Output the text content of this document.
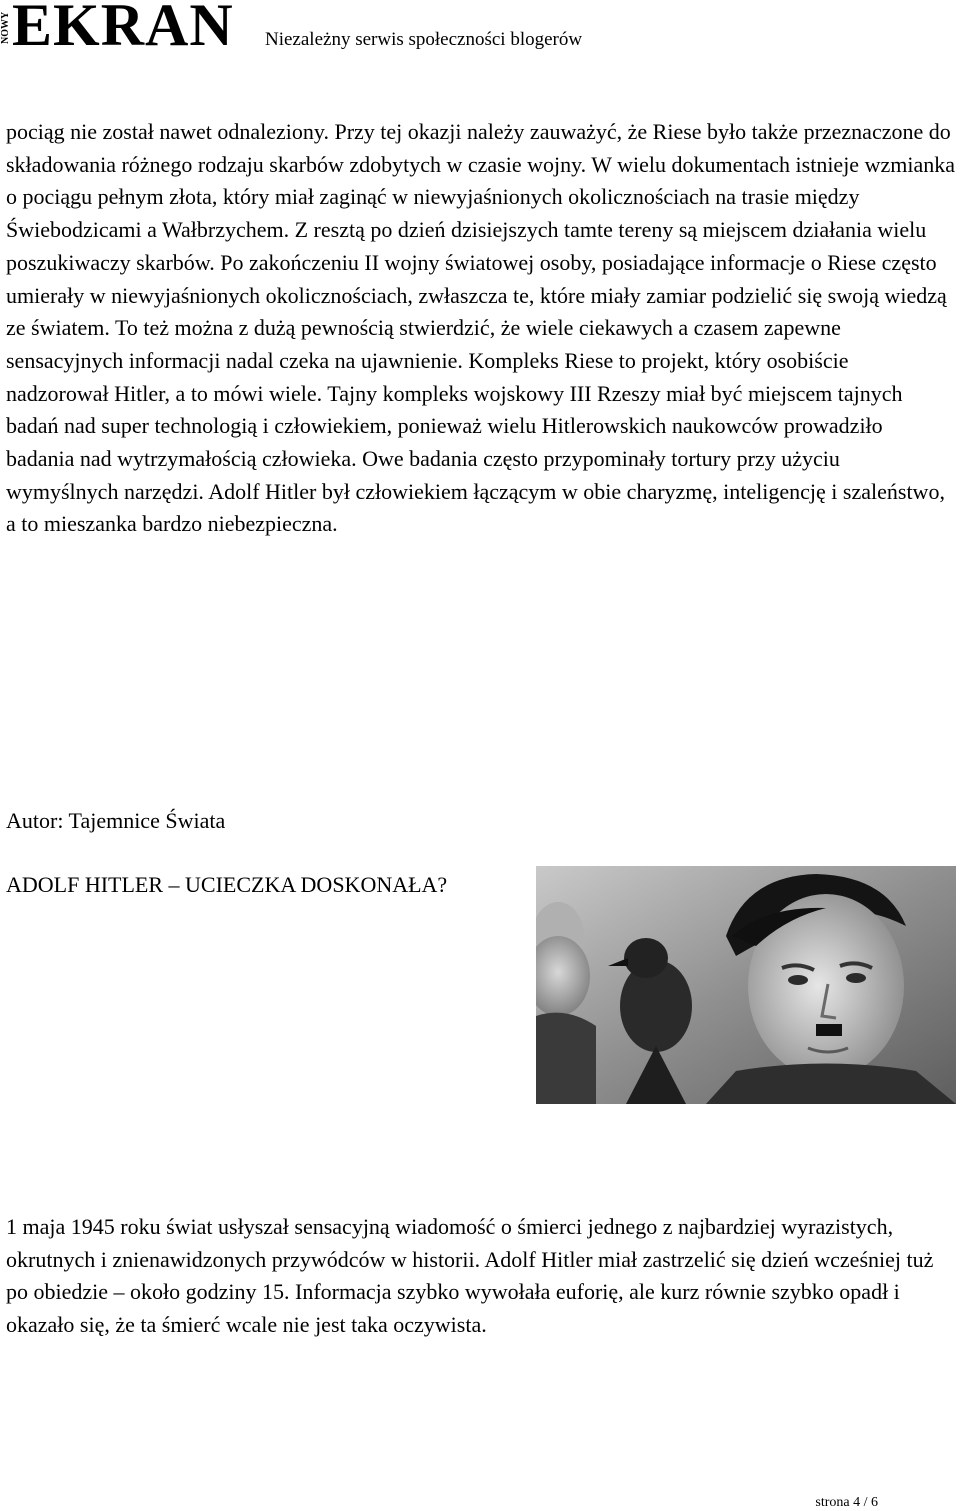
NOWY EKRAN Niezależny serwis społeczności blogerów

pociąg nie został nawet odnaleziony. Przy tej okazji należy zauważyć, że Riese było także przeznaczone do składowania różnego rodzaju skarbów zdobytych w czasie wojny. W wielu dokumentach istnieje wzmianka o pociągu pełnym złota, który miał zaginąć w niewyjaśnionych okolicznościach na trasie między Świebodzicami a Wałbrzychem. Z resztą po dzień dzisiejszych tamte tereny są miejscem działania wielu poszukiwaczy skarbów. Po zakończeniu II wojny światowej osoby, posiadające informacje o Riese często umierały w niewyjaśnionych okolicznościach, zwłaszcza te, które miały zamiar podzielić się swoją wiedzą ze światem. To też można z dużą pewnością stwierdzić, że wiele ciekawych a czasem zapewne sensacyjnych informacji nadal czeka na ujawnienie. Kompleks Riese to projekt, który osobiście nadzorował Hitler, a to mówi wiele. Tajny kompleks wojskowy III Rzeszy miał być miejscem tajnych badań nad super technologią i człowiekiem, ponieważ wielu Hitlerowskich naukowców prowadziło badania nad wytrzymałością człowieka. Owe badania często przypominały tortury przy użyciu wymyślnych narzędzi. Adolf Hitler był człowiekiem łączącym w obie charyzmę, inteligencję i szaleństwo, a to mieszanka bardzo niebezpieczna.

Autor: Tajemnice Świata

ADOLF HITLER – UCIECZKA DOSKONAŁA?

1 maja 1945 roku świat usłyszał sensacyjną wiadomość o śmierci jednego z najbardziej wyrazistych, okrutnych i znienawidzonych przywódców w historii. Adolf Hitler miał zastrzelić się dzień wcześniej tuż po obiedzie – około godziny 15. Informacja szybko wywołała euforię, ale kurz równie szybko opadł i okazało się, że ta śmierć wcale nie jest taka oczywista.

strona 4 / 6
